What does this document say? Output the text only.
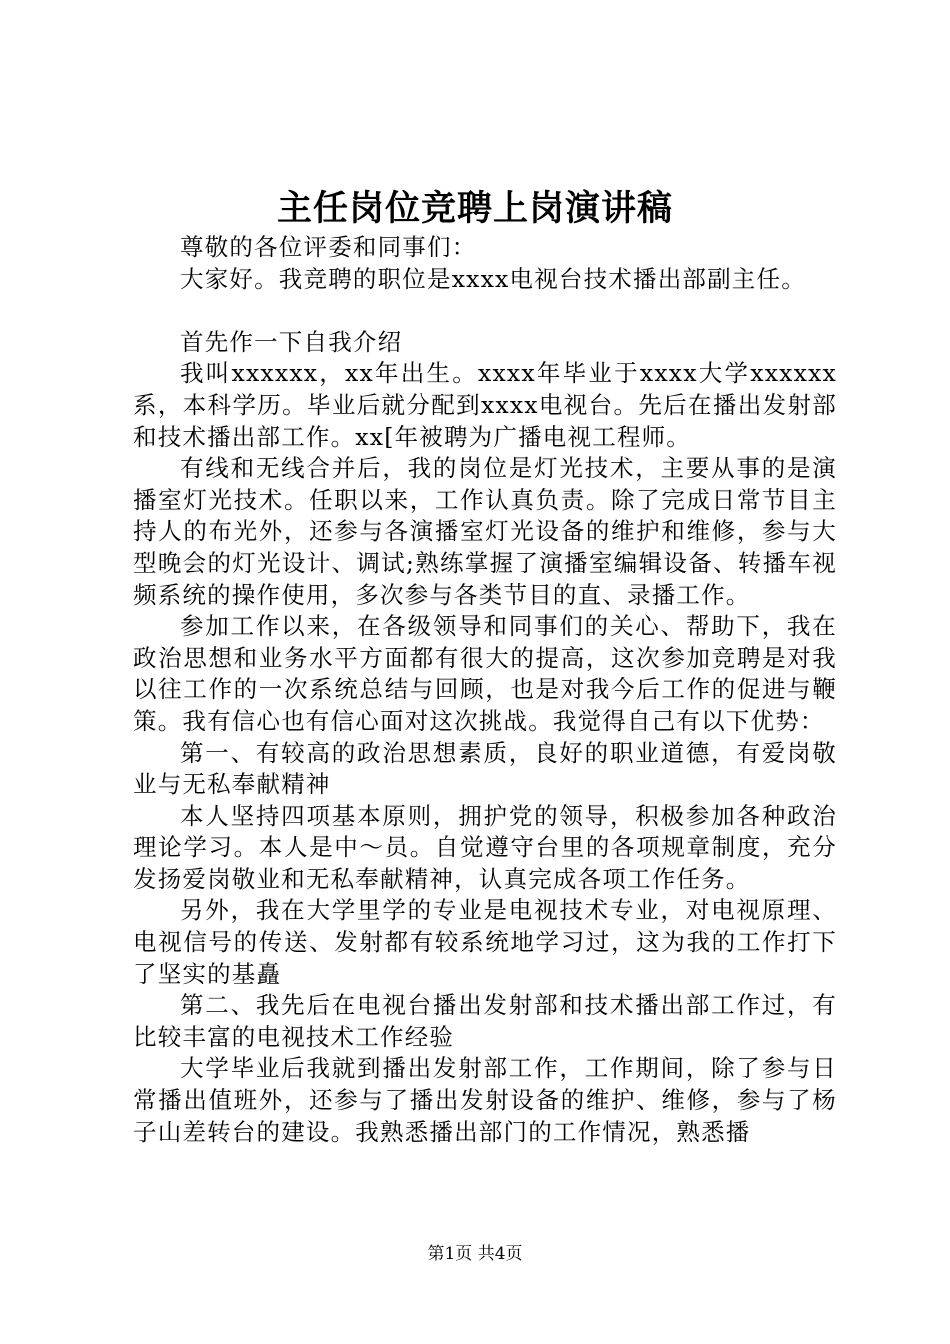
主任岗位竞聘上岗演讲稿

尊敬的各位评委和同事们：

大家好。我竞聘的职位是xxxx电视台技术播出部副主任。

首先作一下自我介绍

我叫xxxxxx，xx年出生。xxxx年毕业于xxxx大学xxxxxx系，本科学历。毕业后就分配到xxxx电视台。先后在播出发射部和技术播出部工作。xx[年被聘为广播电视工程师。

有线和无线合并后，我的岗位是灯光技术，主要从事的是演播室灯光技术。任职以来，工作认真负责。除了完成日常节目主持人的布光外，还参与各演播室灯光设备的维护和维修，参与大型晚会的灯光设计、调试;熟练掌握了演播室编辑设备、转播车视频系统的操作使用，多次参与各类节目的直、录播工作。

参加工作以来，在各级领导和同事们的关心、帮助下，我在政治思想和业务水平方面都有很大的提高，这次参加竞聘是对我以往工作的一次系统总结与回顾，也是对我今后工作的促进与鞭策。我有信心也有信心面对这次挑战。我觉得自己有以下优势：

第一、有较高的政治思想素质，良好的职业道德，有爱岗敬业与无私奉献精神

本人坚持四项基本原则，拥护党的领导，积极参加各种政治理论学习。本人是中～员。自觉遵守台里的各项规章制度，充分发扬爱岗敬业和无私奉献精神，认真完成各项工作任务。

另外，我在大学里学的专业是电视技术专业，对电视原理、电视信号的传送、发射都有较系统地学习过，这为我的工作打下了坚实的基矗

第二、我先后在电视台播出发射部和技术播出部工作过，有比较丰富的电视技术工作经验

大学毕业后我就到播出发射部工作，工作期间，除了参与日常播出值班外，还参与了播出发射设备的维护、维修，参与了杨子山差转台的建设。我熟悉播出部门的工作情况，熟悉播

第1页 共4页
